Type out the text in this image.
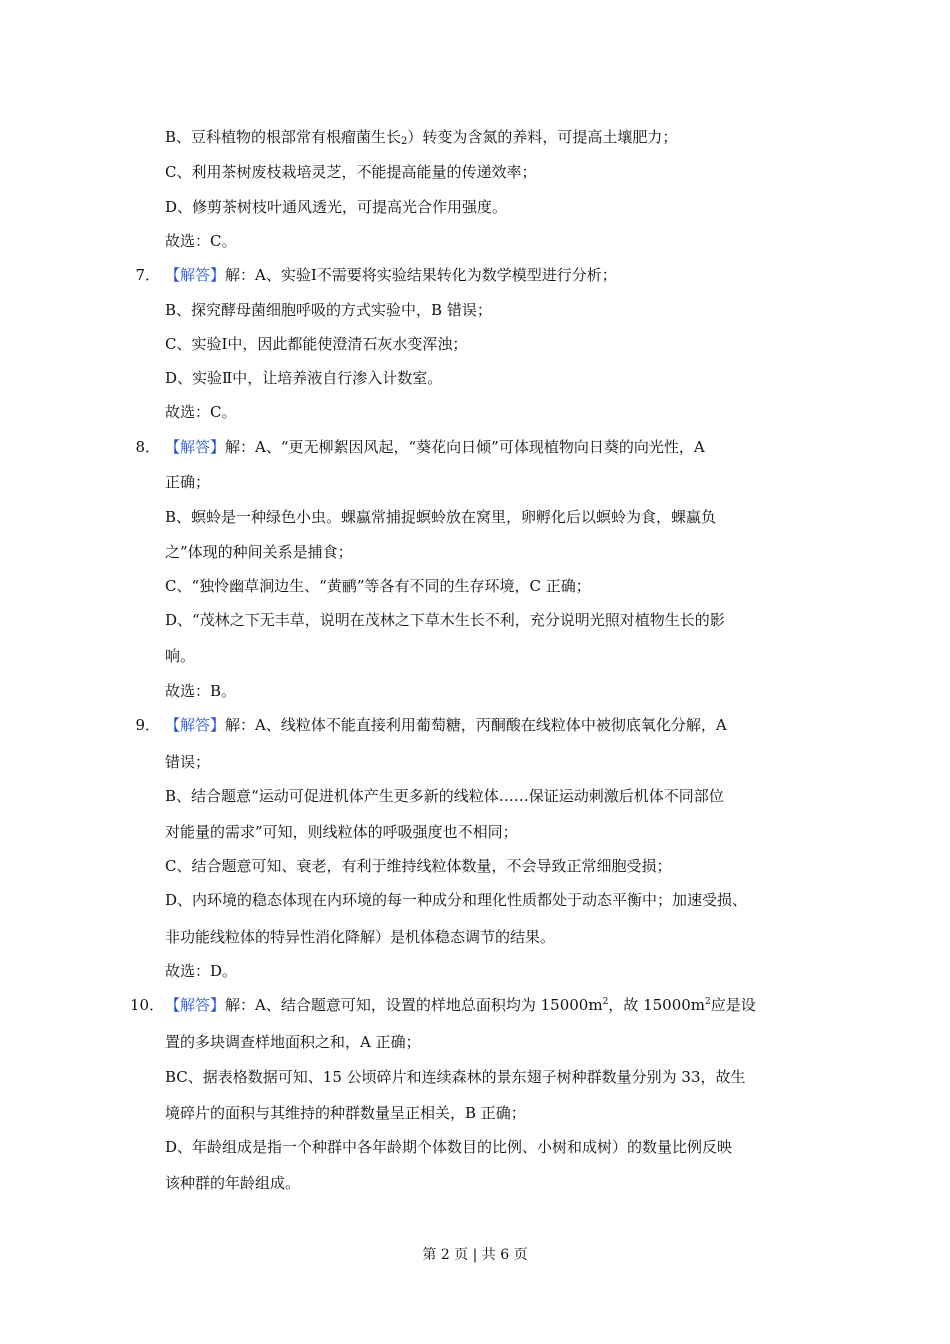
B、豆科植物的根部常有根瘤菌生长$_2$）转变为含氮的养料，可提高土壤肥力；
C、利用茶树废枝栽培灵芝，不能提高能量的传递效率；
D、修剪茶树枝叶通风透光，可提高光合作用强度。
故选：C。
7． 【解答】解：A、实验Ⅰ不需要将实验结果转化为数学模型进行分析；
B、探究酵母菌细胞呼吸的方式实验中，B 错误；
C、实验Ⅰ中，因此都能使澄清石灰水变浑浊；
D、实验Ⅱ中，让培养液自行渗入计数室。
故选：C。
8． 【解答】解：A、“更无柳絮因风起，“葵花向日倾”可体现植物向日葵的向光性，A
正确；
B、螟蛉是一种绿色小虫。蜾蠃常捕捉螟蛉放在窝里，卵孵化后以螟蛉为食，蜾蠃负
之”体现的种间关系是捕食；
C、“独怜幽草涧边生、“黄鹂”等各有不同的生存环境，C 正确；
D、“茂林之下无丰草，说明在茂林之下草木生长不利，充分说明光照对植物生长的影
响。
故选：B。
9． 【解答】解：A、线粒体不能直接利用葡萄糖，丙酮酸在线粒体中被彻底氧化分解，A
错误；
B、结合题意“运动可促进机体产生更多新的线粒体……保证运动刺激后机体不同部位
对能量的需求”可知，则线粒体的呼吸强度也不相同；
C、结合题意可知、衰老，有利于维持线粒体数量，不会导致正常细胞受损；
D、内环境的稳态体现在内环境的每一种成分和理化性质都处于动态平衡中；加速受损、
非功能线粒体的特异性消化降解）是机体稳态调节的结果。
故选：D。
10． 【解答】解：A、结合题意可知，设置的样地总面积均为 $15000m^2$，故 $15000m^2$应是设
置的多块调查样地面积之和，A 正确；
BC、据表格数据可知、15 公顷碎片和连续森林的景东翅子树种群数量分别为 33，故生
境碎片的面积与其维持的种群数量呈正相关，B 正确；
D、年龄组成是指一个种群中各年龄期个体数目的比例、小树和成树）的数量比例反映
该种群的年龄组成。
第 2 页 | 共 6 页
